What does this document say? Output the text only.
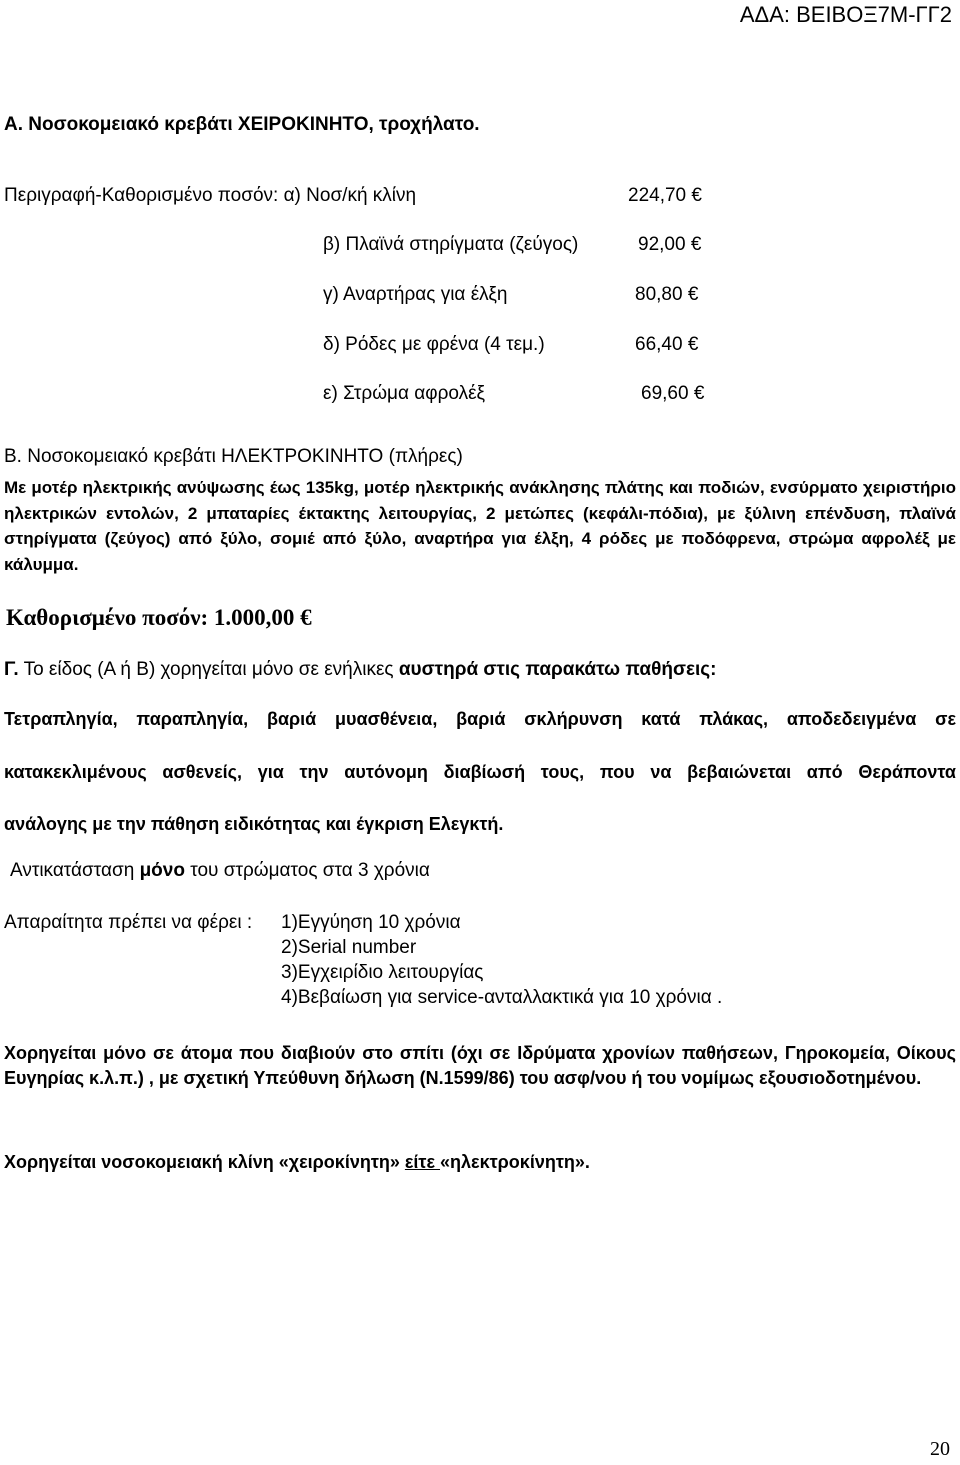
ΑΔΑ: ΒΕΙΒΟΞ7Μ-ΓΓ2
Α. Νοσοκομειακό κρεβάτι ΧΕΙΡΟΚΙΝΗΤΟ, τροχήλατο.
Περιγραφή-Καθορισμένο ποσόν: α) Νοσ/κή κλίνη	224,70 €
β) Πλαϊνά στηρίγματα (ζεύγος)	92,00 €
γ) Αναρτήρας για έλξη	80,80 €
δ) Ρόδες με φρένα (4 τεμ.)	66,40 €
ε) Στρώμα αφρολέξ	69,60 €
Β. Νοσοκομειακό κρεβάτι ΗΛΕΚΤΡΟΚΙΝΗΤΟ (πλήρες)
Με μοτέρ ηλεκτρικής ανύψωσης έως 135kg, μοτέρ ηλεκτρικής ανάκλησης πλάτης και ποδιών, ενσύρματο χειριστήριο ηλεκτρικών εντολών, 2 μπαταρίες έκτακτης λειτουργίας, 2 μετώπες (κεφάλι-πόδια), με ξύλινη επένδυση, πλαϊνά στηρίγματα (ζεύγος) από ξύλο, σομιέ από ξύλο, αναρτήρα για έλξη, 4 ρόδες με ποδόφρενα, στρώμα αφρολέξ με κάλυμμα.
Καθορισμένο ποσόν: 1.000,00 €
Γ. Το είδος (Α ή Β) χορηγείται μόνο σε ενήλικες αυστηρά στις παρακάτω παθήσεις:
Τετραπληγία, παραπληγία, βαριά μυασθένεια, βαριά σκλήρυνση κατά πλάκας, αποδεδειγμένα σε
κατακεκλιμένους ασθενείς, για την αυτόνομη διαβίωσή τους, που να βεβαιώνεται από Θεράποντα
ανάλογης με την πάθηση ειδικότητας και έγκριση Ελεγκτή.
Αντικατάσταση μόνο του στρώματος στα 3 χρόνια
Απαραίτητα πρέπει να φέρει : 1)Εγγύηση 10 χρόνια
2)Serial number
3)Εγχειρίδιο λειτουργίας
4)Βεβαίωση για service-ανταλλακτικά για 10 χρόνια .
Χορηγείται μόνο σε άτομα που διαβιούν στο σπίτι (όχι σε Ιδρύματα χρονίων παθήσεων, Γηροκομεία, Οίκους Ευγηρίας κ.λ.π.) , με σχετική Υπεύθυνη δήλωση (Ν.1599/86) του ασφ/νου ή του νομίμως εξουσιοδοτημένου.
Χορηγείται νοσοκομειακή κλίνη «χειροκίνητη» είτε «ηλεκτροκίνητη».
20
